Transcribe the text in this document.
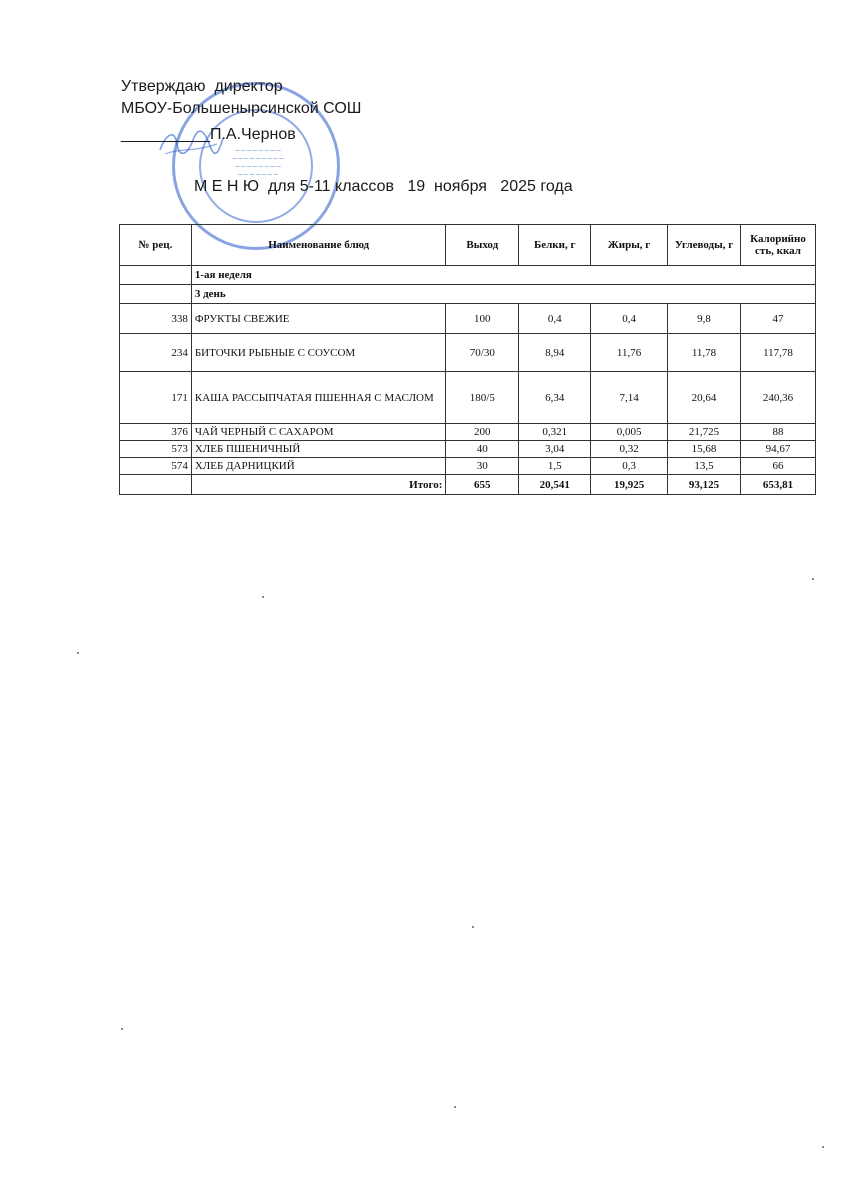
~~~~~~~~
~~~~~~~~~
~~~~~~~~
~~~~~~~
Утверждаю  директор
МБОУ-Большенырсинской СОШ
__________П.А.Чернов
М Е Н Ю  для 5-11 классов   19  ноября   2025 года
№ рец.	Наименование блюд	Выход	Белки, г	Жиры, г	Углеводы, г	Калорийно сть, ккал
	1-ая неделя					
	3 день					
338	ФРУКТЫ СВЕЖИЕ	100	0,4	0,4	9,8	47
234	БИТОЧКИ РЫБНЫЕ С СОУСОМ	70/30	8,94	11,76	11,78	117,78
171	КАША РАССЫПЧАТАЯ ПШЕННАЯ С МАСЛОМ	180/5	6,34	7,14	20,64	240,36
376	ЧАЙ ЧЕРНЫЙ С САХАРОМ	200	0,321	0,005	21,725	88
573	ХЛЕБ ПШЕНИЧНЫЙ	40	3,04	0,32	15,68	94,67
574	ХЛЕБ ДАРНИЦКИЙ	30	1,5	0,3	13,5	66
	Итого:	655	20,541	19,925	93,125	653,81
